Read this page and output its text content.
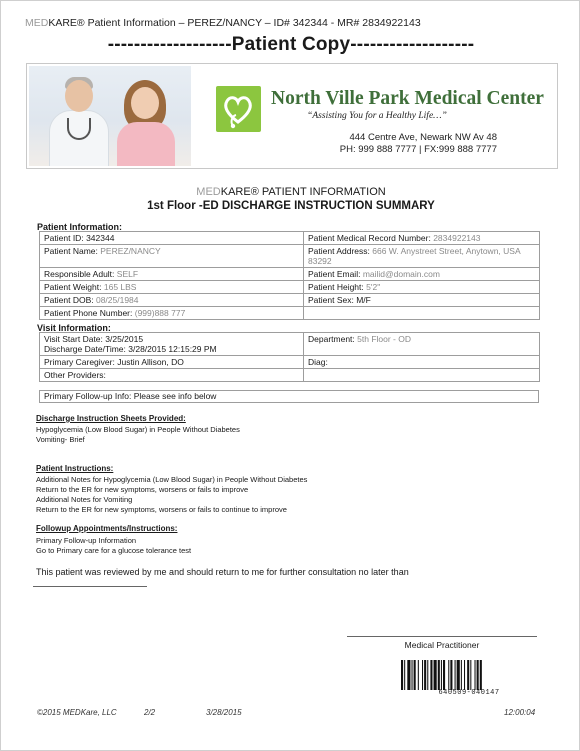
MEDKARE® Patient Information – PEREZ/NANCY – ID# 342344 - MR# 2834922143
-------------------Patient Copy-------------------
North Ville Park Medical Center
“Assisting You for a Healthy Life…”
444 Centre Ave, Newark NW Av 48
PH: 999 888 7777 | FX:999 888 7777
MEDKARE® PATIENT INFORMATION
1st Floor -ED DISCHARGE INSTRUCTION SUMMARY
Patient Information:
Patient ID: 342344	Patient Medical Record Number: 2834922143
Patient Name: PEREZ/NANCY	Patient Address: 666 W. Anystreet Street, Anytown, USA 83292
Responsible Adult: SELF	Patient Email: mailid@domain.com
Patient Weight: 165 LBS	Patient Height: 5'2"
Patient DOB: 08/25/1984	Patient Sex: M/F
Patient Phone Number: (999)888 777	
Visit Information:
Visit Start Date: 3/25/2015
Discharge Date/Time: 3/28/2015 12:15:29 PM	Department: 5th Floor - OD
Primary Caregiver: Justin Allison, DO	Diag:
Other Providers:	
Primary Follow-up Info: Please see info below
Discharge Instruction Sheets Provided:
Hypoglycemia (Low Blood Sugar) in People Without Diabetes
Vomiting- Brief
Patient Instructions:
Additional Notes for Hypoglycemia (Low Blood Sugar) in People Without Diabetes
Return to the ER for new symptoms, worsens or fails to improve
Additional Notes for Vomiting
Return to the ER for new symptoms, worsens or fails to continue to improve
Followup Appointments/Instructions:
Primary Follow-up Information
Go to Primary care for a glucose tolerance test
This patient was reviewed by me and should return to me for further consultation no later than
Medical Practitioner
640509-040147
©2015 MEDKare, LLC	2/2	3/28/2015	12:00:04
